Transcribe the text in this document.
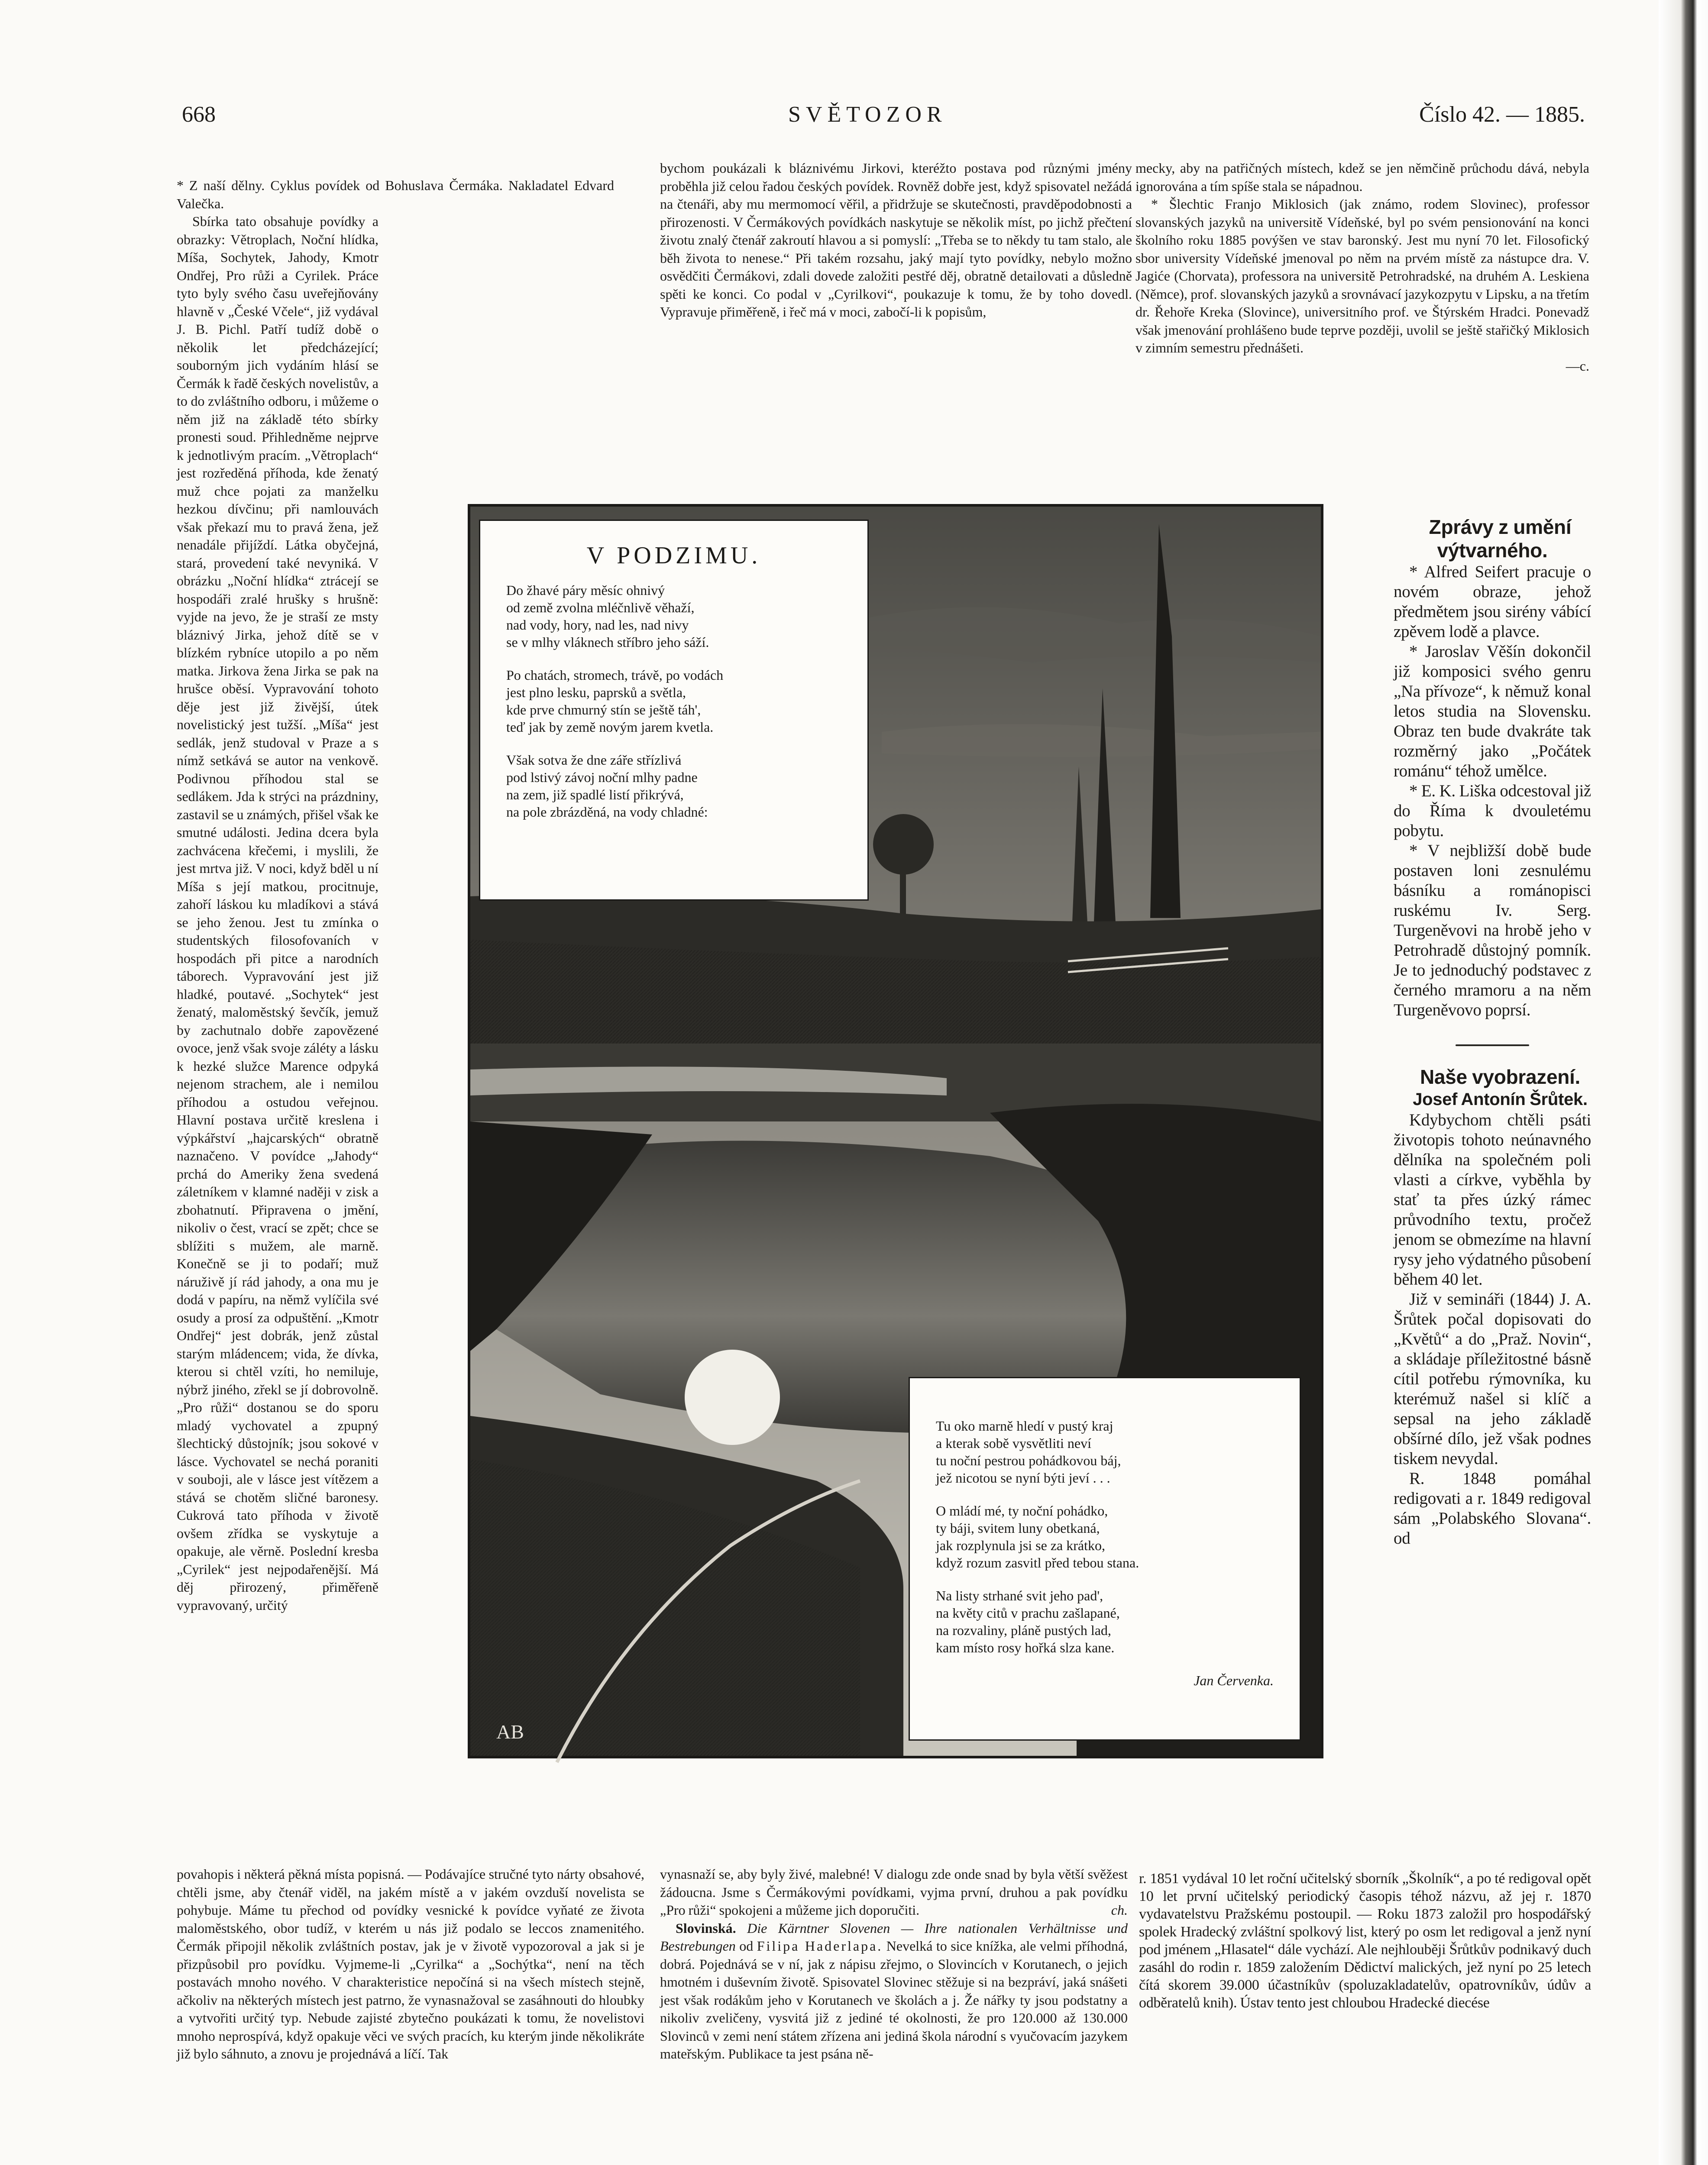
668	SVĚTOZOR	Číslo 42. — 1885.

* Z naší dělny. Cyklus povídek od Bohuslava Čermáka. Nakladatel Edvard Valečka.

Sbírka tato obsahuje povídky a obrazky: Větroplach, Noční hlídka, Míša, Sochytek, Jahody, Kmotr Ondřej, Pro růži a Cyrilek. Práce tyto byly svého času uveřejňovány hlavně v „České Včele“, již vydával J. B. Pichl. Patří tudíž době o několik let předcházející; souborným jich vydáním hlásí se Čermák k řadě českých novelistův, a to do zvláštního odboru, i můžeme o něm již na základě této sbírky pronesti soud. Přihledněme nejprve k jednotlivým pracím. „Větroplach“ jest rozředěná příhoda, kde ženatý muž chce pojati za manželku hezkou dívčinu; při namlouvách však překazí mu to pravá žena, jež nenadále přijíždí. Látka obyčejná, stará, provedení také nevyniká. V obrázku „Noční hlídka“ ztrácejí se hospodáři zralé hrušky s hrušně: vyjde na jevo, že je straší ze msty bláznivý Jirka, jehož dítě se v blízkém rybníce utopilo a po něm matka. Jirkova žena Jirka se pak na hrušce oběsí. Vypravování tohoto děje jest již živější, útek novelistický jest tužší. „Míša“ jest sedlák, jenž studoval v Praze a s nímž setkává se autor na venkově. Podivnou příhodou stal se sedlákem. Jda k strýci na prázdniny, zastavil se u známých, přišel však ke smutné události. Jedina dcera byla zachvácena křečemi, i myslili, že jest mrtva již. V noci, když bděl u ní Míša s její matkou, procitnuje, zahoří láskou ku mladíkovi a stává se jeho ženou. Jest tu zmínka o studentských filosofovaních v hospodách při pitce a narodních táborech. Vypravování jest již hladké, poutavé. „Sochytek“ jest ženatý, maloměstský ševčík, jemuž by zachutnalo dobře zapovězené ovoce, jenž však svoje záléty a lásku k hezké služce Marence odpyká nejenom strachem, ale i nemilou příhodou a ostudou veřejnou. Hlavní postava určitě kreslena i výpkářství „hajcarských“ obratně naznačeno. V povídce „Jahody“ prchá do Ameriky žena svedená záletníkem v klamné naději v zisk a zbohatnutí. Připravena o jmění, nikoliv o čest, vrací se zpět; chce se sblížiti s mužem, ale marně. Konečně se ji to podaří; muž náruživě jí rád jahody, a ona mu je dodá v papíru, na němž vylíčila své osudy a prosí za odpuštění. „Kmotr Ondřej“ jest dobrák, jenž zůstal starým mládencem; vida, že dívka, kterou si chtěl vzíti, ho nemiluje, nýbrž jiného, zřekl se jí dobrovolně. „Pro růži“ dostanou se do sporu mladý vychovatel a zpupný šlechtický důstojník; jsou sokové v lásce. Vychovatel se nechá poraniti v souboji, ale v lásce jest vítězem a stává se chotěm sličné baronesy. Cukrová tato příhoda v životě ovšem zřídka se vyskytuje a opakuje, ale věrně. Poslední kresba „Cyrilek“ jest nejpodařenější. Má děj přirozený, přiměřeně vypravovaný, určitý

povahopis i některá pěkná místa popisná. — Podávajíce stručné tyto nárty obsahové, chtěli jsme, aby čtenář viděl, na jakém místě a v jakém ovzduší novelista se pohybuje. Máme tu přechod od povídky vesnické k povídce vyňaté ze života maloměstského, obor tudíž, v kterém u nás již podalo se leccos znamenitého. Čermák připojil několik zvláštních postav, jak je v životě vypozoroval a jak si je přizpůsobil pro povídku. Vyjmeme-li „Cyrilka“ a „Sochýtka“, není na těch postavách mnoho nového. V charakteristice nepočíná si na všech místech stejně, ačkoliv na některých místech jest patrno, že vynasnažoval se zasáhnouti do hloubky a vytvořiti určitý typ. Nebude zajisté zbytečno poukázati k tomu, že novelistovi mnoho neprospívá, když opakuje věci ve svých pracích, ku kterým jinde několikráte již bylo sáhnuto, a znovu je projednává a líčí. Tak

bychom poukázali k bláznivému Jirkovi, kteréžto postava pod různými jmény proběhla již celou řadou českých povídek. Rovněž dobře jest, když spisovatel nežádá na čtenáři, aby mu mermomocí věřil, a přidržuje se skutečnosti, pravděpodobnosti a přirozenosti. V Čermákových povídkách naskytuje se několik míst, po jichž přečtení životu znalý čtenář zakroutí hlavou a si pomyslí: „Třeba se to někdy tu tam stalo, ale běh života to nenese.“ Při takém rozsahu, jaký mají tyto povídky, nebylo možno osvědčiti Čermákovi, zdali dovede založiti pestřé děj, obratně detailovati a důsledně spěti ke konci. Co podal v „Cyrilkovi“, poukazuje k tomu, že by toho dovedl. Vypravuje přiměřeně, i řeč má v moci, zabočí-li k popisům,

vynasnaží se, aby byly živé, malebné! V dialogu zde onde snad by byla větší svěžest žádoucna. Jsme s Čermákovými povídkami, vyjma první, druhou a pak povídku „Pro růži“ spokojeni a můžeme jich doporučiti.	ch.

Slovinská. Die Kärntner Slovenen — Ihre nationalen Verhältnisse und Bestrebungen od Filipa Haderlapa. Nevelká to sice knížka, ale velmi příhodná, dobrá. Pojednává se v ní, jak z nápisu zřejmo, o Slovincích v Korutanech, o jejich hmotném i duševním životě. Spisovatel Slovinec stěžuje si na bezpráví, jaká snášeti jest však rodákům jeho v Korutanech ve školách a j. Že nářky ty jsou podstatny a nikoliv zveličeny, vysvitá již z jediné té okolnosti, že pro 120.000 až 130.000 Slovinců v zemi není státem zřízena ani jediná škola národní s vyučovacím jazykem mateřským. Publikace ta jest psána ně-

mecky, aby na patřičných místech, kdež se jen němčině průchodu dává, nebyla ignorována a tím spíše stala se nápadnou.

* Šlechtic Franjo Miklosich (jak známo, rodem Slovinec), professor slovanských jazyků na universitě Vídeňské, byl po svém pensionování na konci školního roku 1885 povýšen ve stav baronský. Jest mu nyní 70 let. Filosofický sbor university Vídeňské jmenoval po něm na prvém místě za nástupce dra. V. Jagiće (Chorvata), professora na universitě Petrohradské, na druhém A. Leskiena (Němce), prof. slovanských jazyků a srovnávací jazykozpytu v Lipsku, a na třetím dr. Řehoře Kreka (Slovince), universitního prof. ve Štýrském Hradci. Ponevadž však jmenování prohlášeno bude teprve později, uvolil se ještě stařičký Miklosich v zimním semestru přednášeti.

—c.

Zprávy z umění výtvarného.

* Alfred Seifert pracuje o novém obraze, jehož předmětem jsou sirény vábící zpěvem lodě a plavce.

* Jaroslav Věšín dokončil již komposici svého genru „Na přívoze“, k němuž konal letos studia na Slovensku. Obraz ten bude dvakráte tak rozměrný jako „Počátek románu“ téhož umělce.

* E. K. Liška odcestoval již do Říma k dvouletému pobytu.

* V nejbližší době bude postaven loni zesnulému básníku a románopisci ruskému Iv. Serg. Turgeněvovi na hrobě jeho v Petrohradě důstojný pomník. Je to jednoduchý podstavec z černého mramoru a na něm Turgeněvovo poprsí.

Naše vyobrazení.

Josef Antonín Šrůtek.

Kdybychom chtěli psáti životopis tohoto neúnavného dělníka na společném poli vlasti a církve, vyběhla by stať ta přes úzký rámec průvodního textu, pročež jenom se obmezíme na hlavní rysy jeho výdatného působení během 40 let.

Již v semináři (1844) J. A. Šrůtek počal dopisovati do „Květů“ a do „Praž. Novin“, a skládaje příležitostné básně cítil potřebu rýmovníka, ku kterémuž našel si klíč a sepsal na jeho základě obšírné dílo, jež však podnes tiskem nevydal.

R. 1848 pomáhal redigovati a r. 1849 redigoval sám „Polabského Slovana“. od

r. 1851 vydával 10 let roční učitelský sborník „Školník“, a po té redigoval opět 10 let první učitelský periodický časopis téhož názvu, až jej r. 1870 vydavatelstvu Pražskému postoupil. — Roku 1873 založil pro hospodářský spolek Hradecký zvláštní spolkový list, který po osm let redigoval a jenž nyní pod jménem „Hlasatel“ dále vychází. Ale nejhlouběji Šrůtkův podnikavý duch zasáhl do rodin r. 1859 založením Dědictví malických, jež nyní po 25 letech čítá skorem 39.000 účastníkův (spoluzakladatelův, opatrovníkův, údův a odběratelů knih). Ústav tento jest chloubou Hradecké diecése

AB
V PODZIMU.
Do žhavé páry měsíc ohnivý
od země zvolna mléčnlivě věhaží,
nad vody, hory, nad les, nad nivy
se v mlhy vláknech stříbro jeho sáží.
Po chatách, stromech, trávě, po vodách
jest plno lesku, paprsků a světla,
kde prve chmurný stín se ještě táh',
teď jak by země novým jarem kvetla.
Však sotva že dne záře střízlivá
pod lstivý závoj noční mlhy padne
na zem, již spadlé listí přikrývá,
na pole zbrázděná, na vody chladné:
Tu oko marně hledí v pustý kraj
a kterak sobě vysvětliti neví
tu noční pestrou pohádkovou báj,
jež nicotou se nyní býti jeví . . .
O mládí mé, ty noční pohádko,
ty báji, svitem luny obetkaná,
jak rozplynula jsi se za krátko,
když rozum zasvitl před tebou stana.
Na listy strhané svit jeho pad',
na květy citů v prachu zašlapané,
na rozvaliny, pláně pustých lad,
kam místo rosy hořká slza kane.
Jan Červenka.
